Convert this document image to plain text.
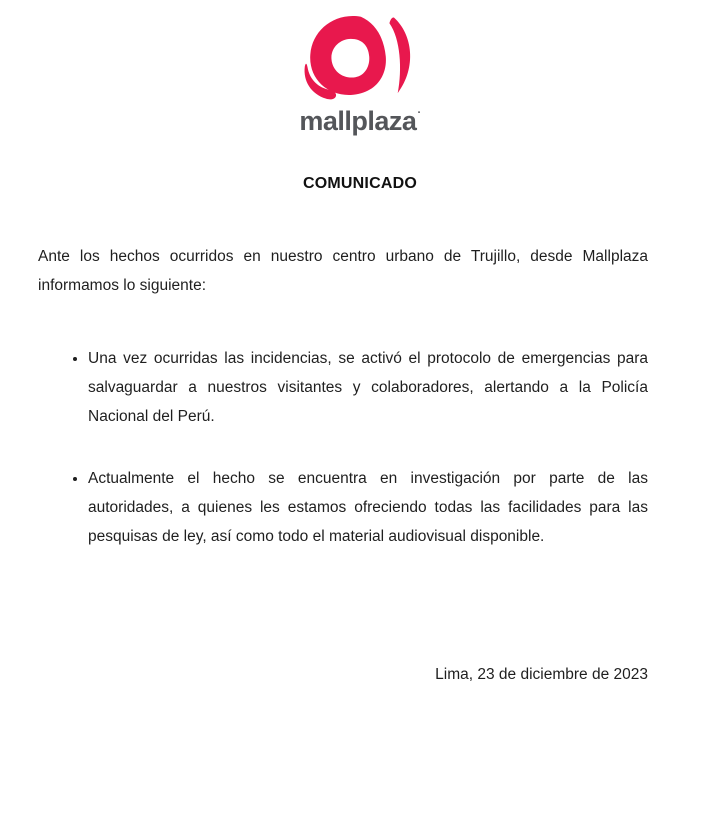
mallplaza·
COMUNICADO

Ante los hechos ocurridos en nuestro centro urbano de Trujillo, desde Mallplaza informamos lo siguiente:

• Una vez ocurridas las incidencias, se activó el protocolo de emergencias para salvaguardar a nuestros visitantes y colaboradores, alertando a la Policía Nacional del Perú.
• Actualmente el hecho se encuentra en investigación por parte de las autoridades, a quienes les estamos ofreciendo todas las facilidades para las pesquisas de ley, así como todo el material audiovisual disponible.

Lima, 23 de diciembre de 2023
